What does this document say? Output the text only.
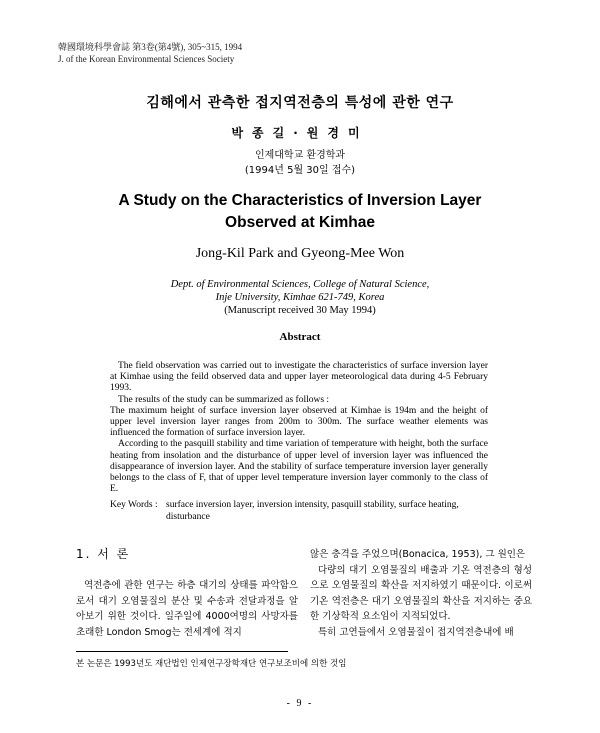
韓國環境科學會誌 第3卷(第4號), 305~315, 1994
J. of the Korean Environmental Sciences Society
김해에서 관측한 접지역전층의 특성에 관한 연구
박종길·원경미
인제대학교 환경학과
(1994년 5월 30일 접수)
A Study on the Characteristics of Inversion Layer
Observed at Kimhae
Jong-Kil Park and Gyeong-Mee Won
Dept. of Environmental Sciences, College of Natural Science,
Inje University, Kimhae 621-749, Korea
(Manuscript received 30 May 1994)
Abstract

The field observation was carried out to investigate the characteristics of surface inversion layer at Kimhae using the feild observed data and upper layer meteorological data during 4-5 February 1993.

The results of the study can be summarized as follows :

The maximum height of surface inversion layer observed at Kimhae is 194m and the height of upper level inversion layer ranges from 200m to 300m. The surface weather elements was influenced the formation of surface inversion layer.

According to the pasquill stability and time variation of temperature with height, both the surface heating from insolation and the disturbance of upper level of inversion layer was influenced the disappearance of inversion layer. And the stability of surface temperature inversion layer generally belongs to the class of F, that of upper level temperature inversion layer commonly to the class of E.

Key Words : surface inversion layer, inversion intensity, pasquill stability, surface heating, disturbance
1. 서 론

역전층에 관한 연구는 하층 대기의 상태를 파악함으로서 대기 오염물질의 분산 및 수송과 전달과정을 알아보기 위한 것이다. 일주일에 4000여명의 사망자를 초래한 London Smog는 전세계에 적지

않은 충격을 주었으며(Bonacica, 1953), 그 원인은

다량의 대기 오염물질의 배출과 기온 역전층의 형성으로 오염물질의 확산을 저지하였기 때문이다. 이로써 기온 역전층은 대기 오염물질의 확산을 저지하는 중요한 기상학적 요소임이 지적되었다.

특히 고연들에서 오염물질이 접지역전층내에 배

본 논문은 1993년도 재단법인 인제연구장학재단 연구보조비에 의한 것임
- 9 -
